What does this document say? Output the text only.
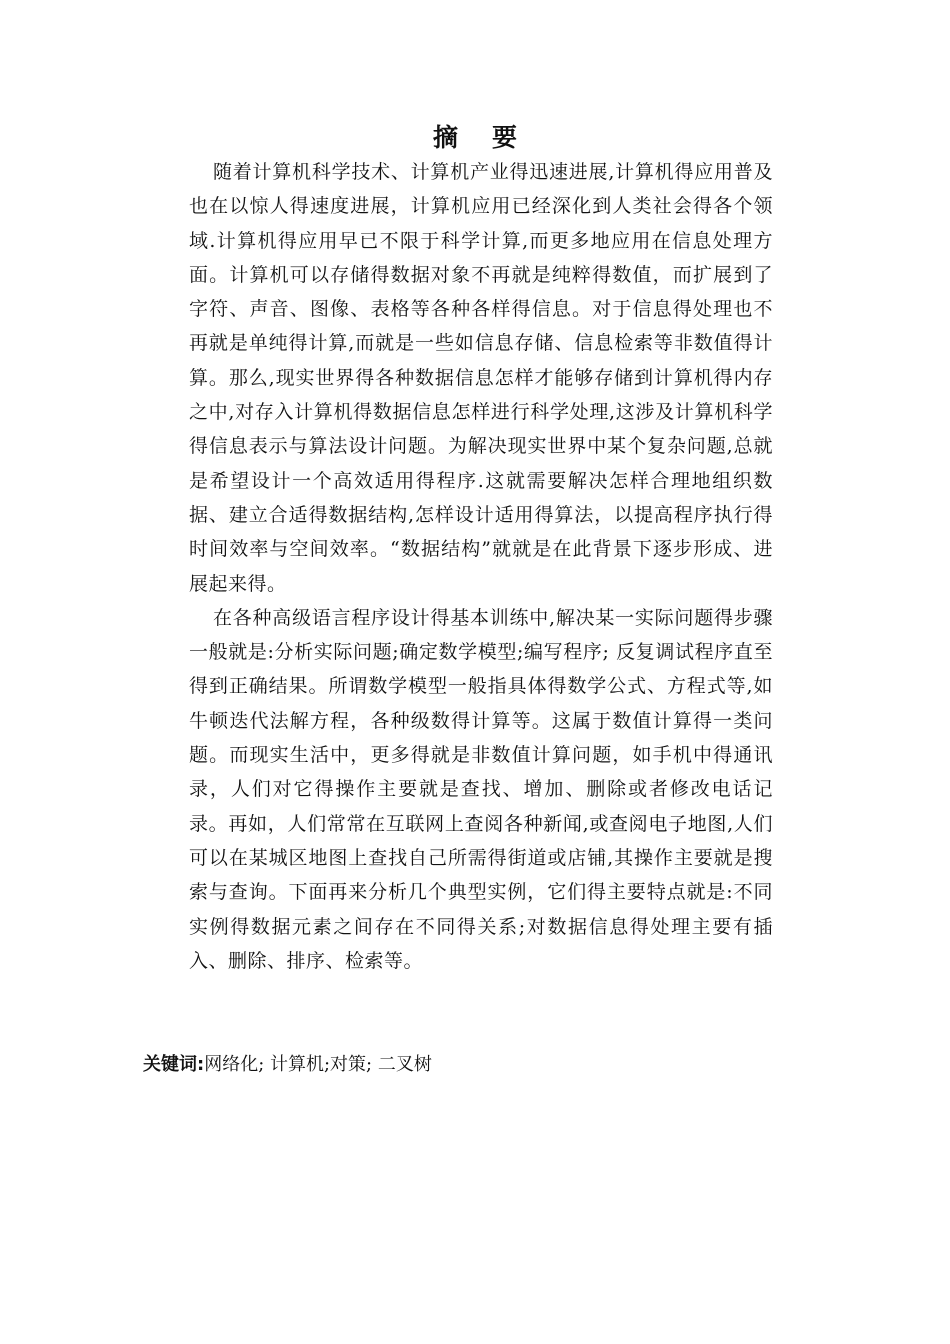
摘要

随着计算机科学技术、计算机产业得迅速进展,计算机得应用普及也在以惊人得速度进展，计算机应用已经深化到人类社会得各个领域.计算机得应用早已不限于科学计算,而更多地应用在信息处理方面。计算机可以存储得数据对象不再就是纯粹得数值，而扩展到了字符、声音、图像、表格等各种各样得信息。对于信息得处理也不再就是单纯得计算,而就是一些如信息存储、信息检索等非数值得计算。那么,现实世界得各种数据信息怎样才能够存储到计算机得内存之中,对存入计算机得数据信息怎样进行科学处理,这涉及计算机科学得信息表示与算法设计问题。为解决现实世界中某个复杂问题,总就是希望设计一个高效适用得程序.这就需要解决怎样合理地组织数据、建立合适得数据结构,怎样设计适用得算法，以提高程序执行得时间效率与空间效率。“数据结构”就就是在此背景下逐步形成、进展起来得。

在各种高级语言程序设计得基本训练中,解决某一实际问题得步骤一般就是:分析实际问题;确定数学模型;编写程序; 反复调试程序直至得到正确结果。所谓数学模型一般指具体得数学公式、方程式等,如牛顿迭代法解方程，各种级数得计算等。这属于数值计算得一类问题。而现实生活中，更多得就是非数值计算问题，如手机中得通讯录，人们对它得操作主要就是查找、增加、删除或者修改电话记录。再如，人们常常在互联网上查阅各种新闻,或查阅电子地图,人们可以在某城区地图上查找自己所需得街道或店铺,其操作主要就是搜索与查询。下面再来分析几个典型实例，它们得主要特点就是:不同实例得数据元素之间存在不同得关系;对数据信息得处理主要有插入、删除、排序、检索等。

关键词:网络化; 计算机;对策; 二叉树
